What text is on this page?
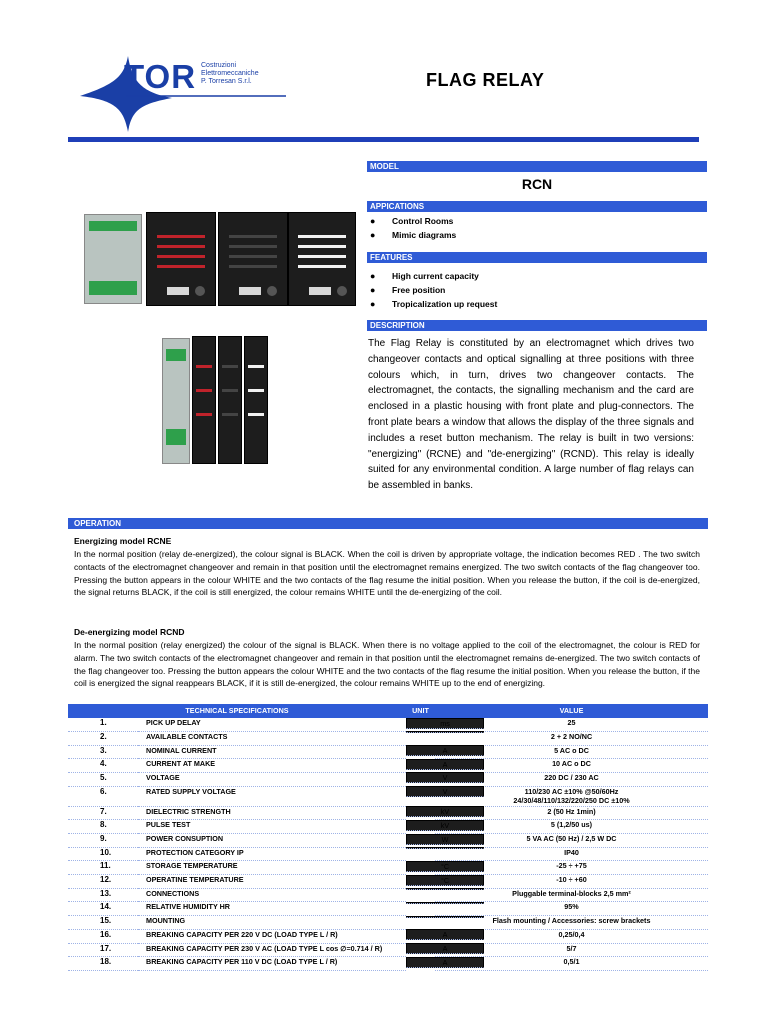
TOR Costruzioni
Elettromeccaniche
P. Torresan S.r.l.	FLAG RELAY
MODEL
RCN
APPICATIONS
● Control Rooms
● Mimic diagrams
FEATURES
● High current capacity
● Free position
● Tropicalization up request
DESCRIPTION
The Flag Relay is constituted by an electromagnet which drives two changeover contacts and optical signalling at three positions with three colours which, in turn, drives two changeover contacts. The electromagnet, the contacts, the signalling mechanism and the card are enclosed in a plastic housing with front plate and plug-connectors. The front plate bears a window that allows the display of the three signals and includes a reset button mechanism. The relay is built in two versions: "energizing" (RCNE) and "de-energizing" (RCND). This relay is ideally suited for any environmental condition. A large number of flag relays can be assembled in banks.
OPERATION
Energizing model RCNE
In the normal position (relay de-energized), the colour signal is BLACK. When the coil is driven by appropriate voltage, the indication becomes RED . The two switch contacts of the electromagnet changeover and remain in that position until the electromagnet remains energized. The two switch contacts of the flag changeover too. Pressing the button appears in the colour WHITE and the two contacts of the flag resume the initial position. When you release the button, if the coil is de-energized, the signal returns BLACK, if the coil is still energized, the colour remains WHITE until the de-energizing of the coil.
De-energizing model RCND
In the normal position (relay energized) the colour of the signal is BLACK. When there is no voltage applied to the coil of the electromagnet, the colour is RED for alarm. The two switch contacts of the electromagnet changeover and remain in that position until the electromagnet remains de-energized. The two switch contacts of the flag changeover too. Pressing the button appears the colour WHITE and the two contacts of the flag resume the initial position. When you release the button, if the coil is energized the signal reappears BLACK, if it is still de-energized, the colour remains WHITE up to the end of energizing.
TECHNICAL SPECIFICATIONS		UNIT	VALUE
1.	PICK UP DELAY		ms	25
2.	AVAILABLE CONTACTS	2 + 2 NO/NC
3.	NOMINAL CURRENT		A	5 AC o DC
4.	CURRENT AT MAKE		A	10 AC o DC
5.	VOLTAGE		V	220 DC / 230 AC
6.	RATED SUPPLY VOLTAGE		V	110/230 AC ±10% @50/60Hz
24/30/48/110/132/220/250 DC ±10%

7.	DIELECTRIC STRENGTH		kV	2 (50 Hz 1min)
8.	PULSE TEST		kV	5 (1,2/50 us)
9.	POWER CONSUPTION		W	5 VA AC (50 Hz) / 2,5 W DC
10.	PROTECTION CATEGORY IP	IP40
11.	STORAGE TEMPERATURE		°C	-25 ÷ +75
12.	OPERATINE TEMPERATURE		°C	-10 ÷ +60
13.	CONNECTIONS	Pluggable terminal-blocks 2,5 mm²
14.	RELATIVE HUMIDITY HR	95%
15.	MOUNTING	Flash mounting / Accessories: screw brackets
16.	BREAKING CAPACITY PER 220 V DC (LOAD TYPE L / R)		A	0,25/0,4
17.	BREAKING CAPACITY PER 230 V AC (LOAD TYPE L cos ∅=0.714 / R)		A	5/7
18.	BREAKING CAPACITY PER 110 V DC (LOAD TYPE L / R)		A	0,5/1
